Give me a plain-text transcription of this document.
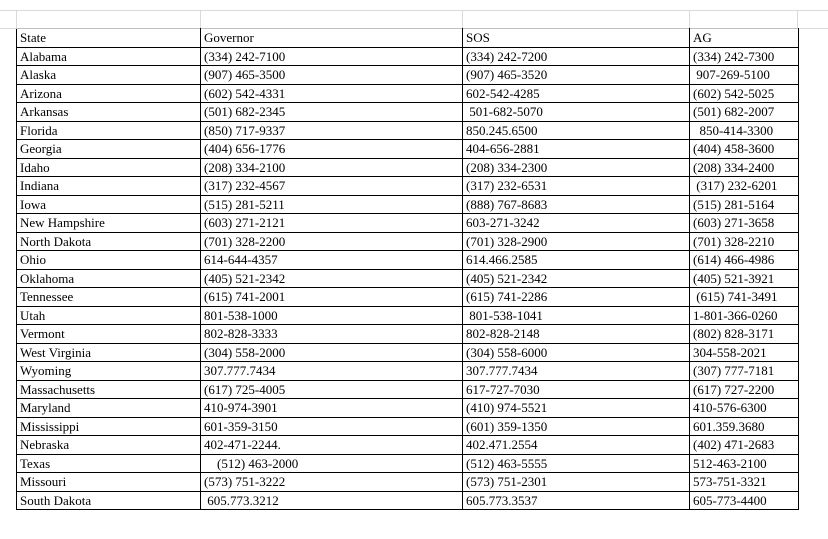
State	Governor	SOS	AG
Alabama	(334) 242-7100	(334) 242-7200	(334) 242-7300
Alaska	(907) 465-3500	(907) 465-3520	907-269-5100
Arizona	(602) 542-4331	602-542-4285	(602) 542-5025
Arkansas	(501) 682-2345	501-682-5070	(501) 682-2007
Florida	(850) 717-9337	850.245.6500	850-414-3300
Georgia	(404) 656-1776	404-656-2881	(404) 458-3600
Idaho	(208) 334-2100	(208) 334-2300	(208) 334-2400
Indiana	(317) 232-4567	(317) 232-6531	(317) 232-6201
Iowa	(515) 281-5211	(888) 767-8683	(515) 281-5164
New Hampshire	(603) 271-2121	603-271-3242	(603) 271-3658
North Dakota	(701) 328-2200	(701) 328-2900	(701) 328-2210
Ohio	614-644-4357	614.466.2585	(614) 466-4986
Oklahoma	(405) 521-2342	(405) 521-2342	(405) 521-3921
Tennessee	(615) 741-2001	(615) 741-2286	(615) 741-3491
Utah	801-538-1000	801-538-1041	1-801-366-0260
Vermont	802-828-3333	802-828-2148	(802) 828-3171
West Virginia	(304) 558-2000	(304) 558-6000	304-558-2021
Wyoming	307.777.7434	307.777.7434	(307) 777-7181
Massachusetts	(617) 725-4005	617-727-7030	(617) 727-2200
Maryland	410-974-3901	(410) 974-5521	410-576-6300
Mississippi	601-359-3150	(601) 359-1350	601.359.3680
Nebraska	402-471-2244.	402.471.2554	(402) 471-2683
Texas	(512) 463-2000	(512) 463-5555	512-463-2100
Missouri	(573) 751-3222	(573) 751-2301	573-751-3321
South Dakota	605.773.3212	605.773.3537	605-773-4400
